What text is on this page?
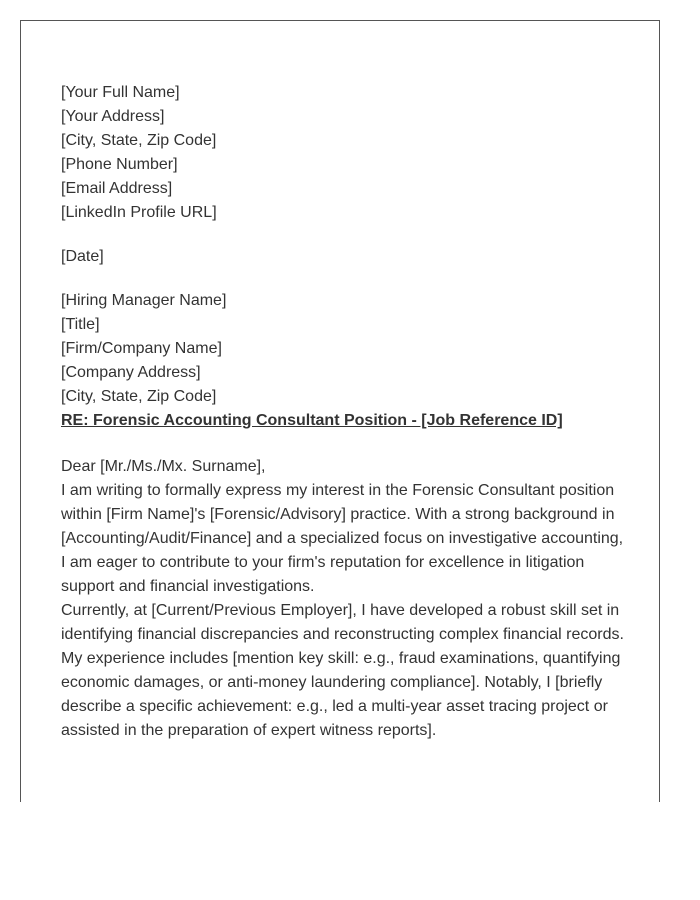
[Your Full Name]
[Your Address]
[City, State, Zip Code]
[Phone Number]
[Email Address]
[LinkedIn Profile URL]
[Date]
[Hiring Manager Name]
[Title]
[Firm/Company Name]
[Company Address]
[City, State, Zip Code]
RE: Forensic Accounting Consultant Position - [Job Reference ID]
Dear [Mr./Ms./Mx. Surname],

I am writing to formally express my interest in the Forensic Consultant position within [Firm Name]'s [Forensic/Advisory] practice. With a strong background in [Accounting/Audit/Finance] and a specialized focus on investigative accounting, I am eager to contribute to your firm's reputation for excellence in litigation support and financial investigations.

Currently, at [Current/Previous Employer], I have developed a robust skill set in identifying financial discrepancies and reconstructing complex financial records. My experience includes [mention key skill: e.g., fraud examinations, quantifying economic damages, or anti-money laundering compliance]. Notably, I [briefly describe a specific achievement: e.g., led a multi-year asset tracing project or assisted in the preparation of expert witness reports].
